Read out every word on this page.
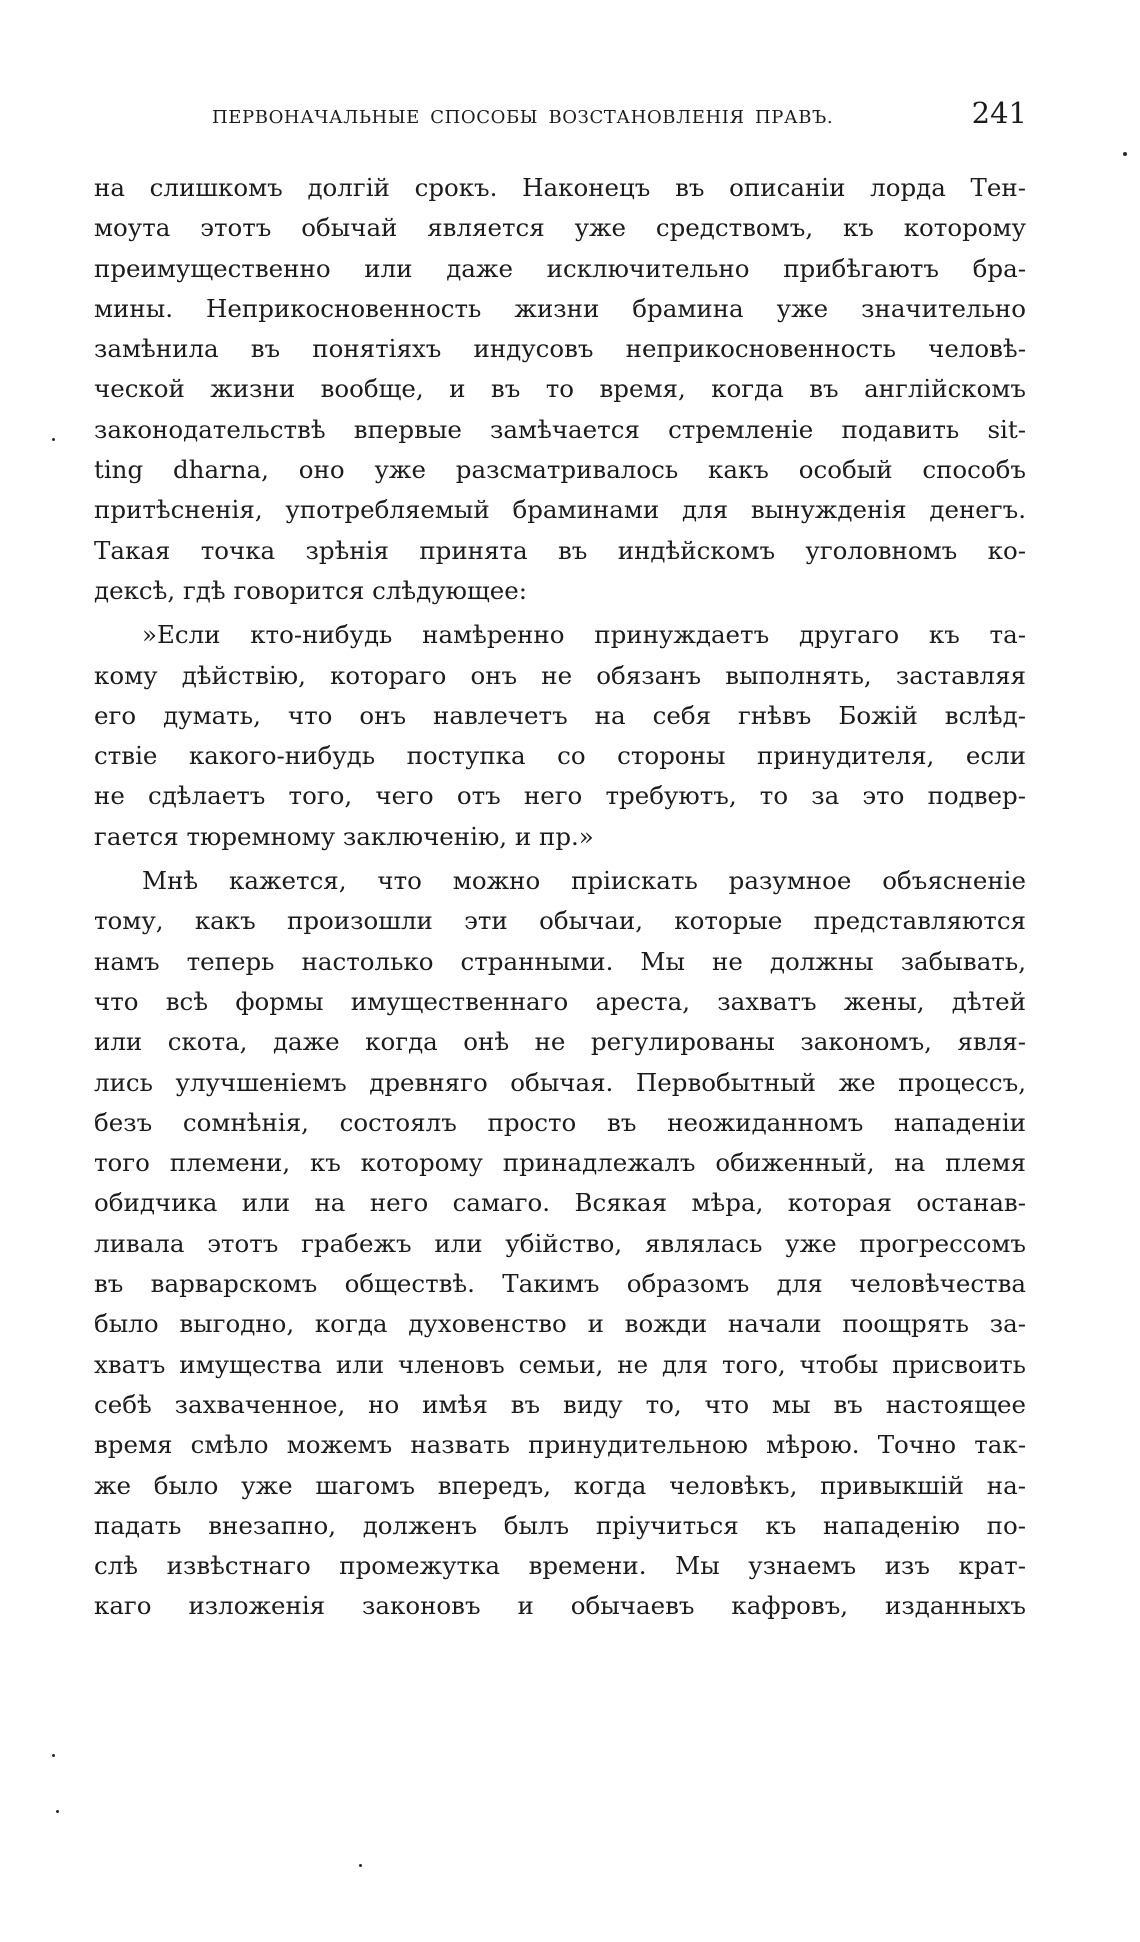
ПЕРВОНАЧАЛЬНЫЕ СПОСОБЫ ВОЗСТАНОВЛЕНІЯ ПРАВЪ.	241
на слишкомъ долгій срокъ. Наконецъ въ описаніи лорда Тен-
моута этотъ обычай является уже средствомъ, къ которому
преимущественно или даже исключительно прибѣгаютъ бра-
мины. Неприкосновенность жизни брамина уже значительно
замѣнила въ понятіяхъ индусовъ неприкосновенность человѣ-
ческой жизни вообще, и въ то время, когда въ англійскомъ
законодательствѣ впервые замѣчается стремленіе подавить sit-
ting dharna, оно уже разсматривалось какъ особый способъ
притѣсненія, употребляемый браминами для вынужденія денегъ.
Такая точка зрѣнія принята въ индѣйскомъ уголовномъ ко-
дексѣ, гдѣ говорится слѣдующее:
»Если кто-нибудь намѣренно принуждаетъ другаго къ та-
кому дѣйствію, котораго онъ не обязанъ выполнять, заставляя
его думать, что онъ навлечетъ на себя гнѣвъ Божій вслѣд-
ствіе какого-нибудь поступка со стороны принудителя, если
не сдѣлаетъ того, чего отъ него требуютъ, то за это подвер-
гается тюремному заключенію, и пр.»
Мнѣ кажется, что можно пріискать разумное объясненіе
тому, какъ произошли эти обычаи, которые представляются
намъ теперь настолько странными. Мы не должны забывать,
что всѣ формы имущественнаго ареста, захватъ жены, дѣтей
или скота, даже когда онѣ не регулированы закономъ, явля-
лись улучшеніемъ древняго обычая. Первобытный же процессъ,
безъ сомнѣнія, состоялъ просто въ неожиданномъ нападеніи
того племени, къ которому принадлежалъ обиженный, на племя
обидчика или на него самаго. Всякая мѣра, которая останав-
ливала этотъ грабежъ или убійство, являлась уже прогрессомъ
въ варварскомъ обществѣ. Такимъ образомъ для человѣчества
было выгодно, когда духовенство и вожди начали поощрять за-
хватъ имущества или членовъ семьи, не для того, чтобы присвоить
себѣ захваченное, но имѣя въ виду то, что мы въ настоящее
время смѣло можемъ назвать принудительною мѣрою. Точно так-
же было уже шагомъ впередъ, когда человѣкъ, привыкшій на-
падать внезапно, долженъ былъ пріучиться къ нападенію по-
слѣ извѣстнаго промежутка времени. Мы узнаемъ изъ крат-
каго изложенія законовъ и обычаевъ кафровъ, изданныхъ
